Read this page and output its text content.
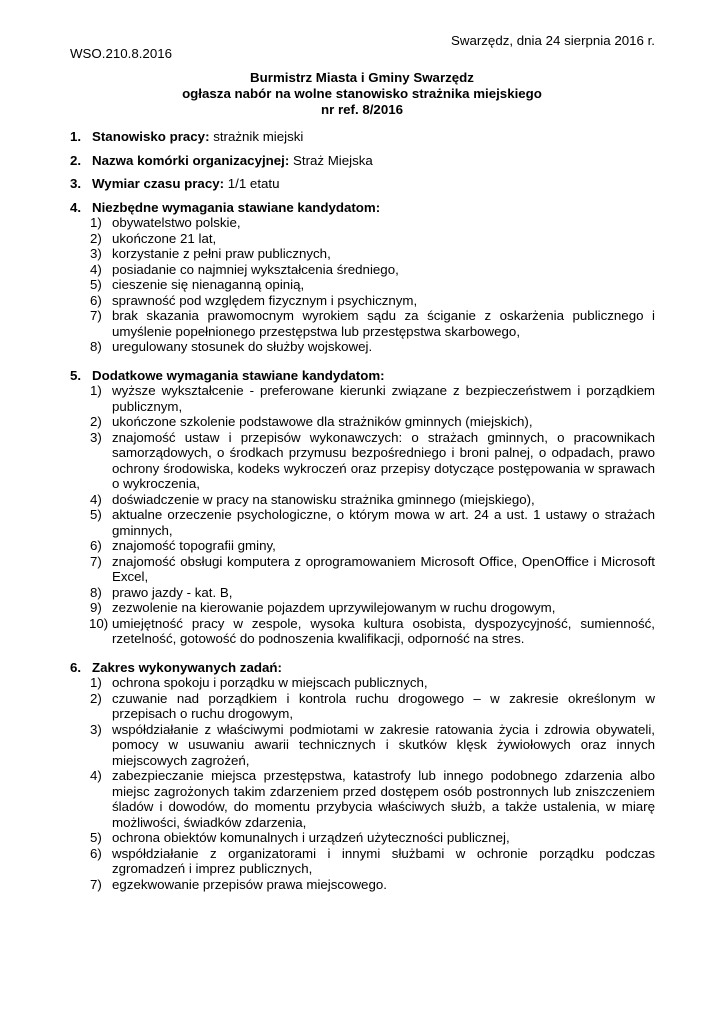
Swarzędz, dnia 24 sierpnia 2016 r.
WSO.210.8.2016
Burmistrz Miasta i Gminy Swarzędz
ogłasza nabór na wolne stanowisko strażnika miejskiego
nr ref. 8/2016
1. Stanowisko pracy: strażnik miejski
2. Nazwa komórki organizacyjnej: Straż Miejska
3. Wymiar czasu pracy: 1/1 etatu
4. Niezbędne wymagania stawiane kandydatom:
1) obywatelstwo polskie,
2) ukończone 21 lat,
3) korzystanie z pełni praw publicznych,
4) posiadanie co najmniej wykształcenia średniego,
5) cieszenie się nienaganną opinią,
6) sprawność pod względem fizycznym i psychicznym,
7) brak skazania prawomocnym wyrokiem sądu za ściganie z oskarżenia publicznego i umyślenie popełnionego przestępstwa lub przestępstwa skarbowego,
8) uregulowany stosunek do służby wojskowej.
5. Dodatkowe wymagania stawiane kandydatom:
1) wyższe wykształcenie - preferowane kierunki związane z bezpieczeństwem i porządkiem publicznym,
2) ukończone szkolenie podstawowe dla strażników gminnych (miejskich),
3) znajomość ustaw i przepisów wykonawczych: o strażach gminnych, o pracownikach samorządowych, o środkach przymusu bezpośredniego i broni palnej, o odpadach, prawo ochrony środowiska, kodeks wykroczeń oraz przepisy dotyczące postępowania w sprawach o wykroczenia,
4) doświadczenie w pracy na stanowisku strażnika gminnego (miejskiego),
5) aktualne orzeczenie psychologiczne, o którym mowa w art. 24 a ust. 1 ustawy o strażach gminnych,
6) znajomość topografii gminy,
7) znajomość obsługi komputera z oprogramowaniem Microsoft Office, OpenOffice i Microsoft Excel,
8) prawo jazdy - kat. B,
9) zezwolenie na kierowanie pojazdem uprzywilejowanym w ruchu drogowym,
10) umiejętność pracy w zespole, wysoka kultura osobista, dyspozycyjność, sumienność, rzetelność, gotowość do podnoszenia kwalifikacji, odporność na stres.
6. Zakres wykonywanych zadań:
1) ochrona spokoju i porządku w miejscach publicznych,
2) czuwanie nad porządkiem i kontrola ruchu drogowego – w zakresie określonym w przepisach o ruchu drogowym,
3) współdziałanie z właściwymi podmiotami w zakresie ratowania życia i zdrowia obywateli, pomocy w usuwaniu awarii technicznych i skutków klęsk żywiołowych oraz innych miejscowych zagrożeń,
4) zabezpieczanie miejsca przestępstwa, katastrofy lub innego podobnego zdarzenia albo miejsc zagrożonych takim zdarzeniem przed dostępem osób postronnych lub zniszczeniem śladów i dowodów, do momentu przybycia właściwych służb, a także ustalenia, w miarę możliwości, świadków zdarzenia,
5) ochrona obiektów komunalnych i urządzeń użyteczności publicznej,
6) współdziałanie z organizatorami i innymi służbami w ochronie porządku podczas zgromadzeń i imprez publicznych,
7) egzekwowanie przepisów prawa miejscowego.
